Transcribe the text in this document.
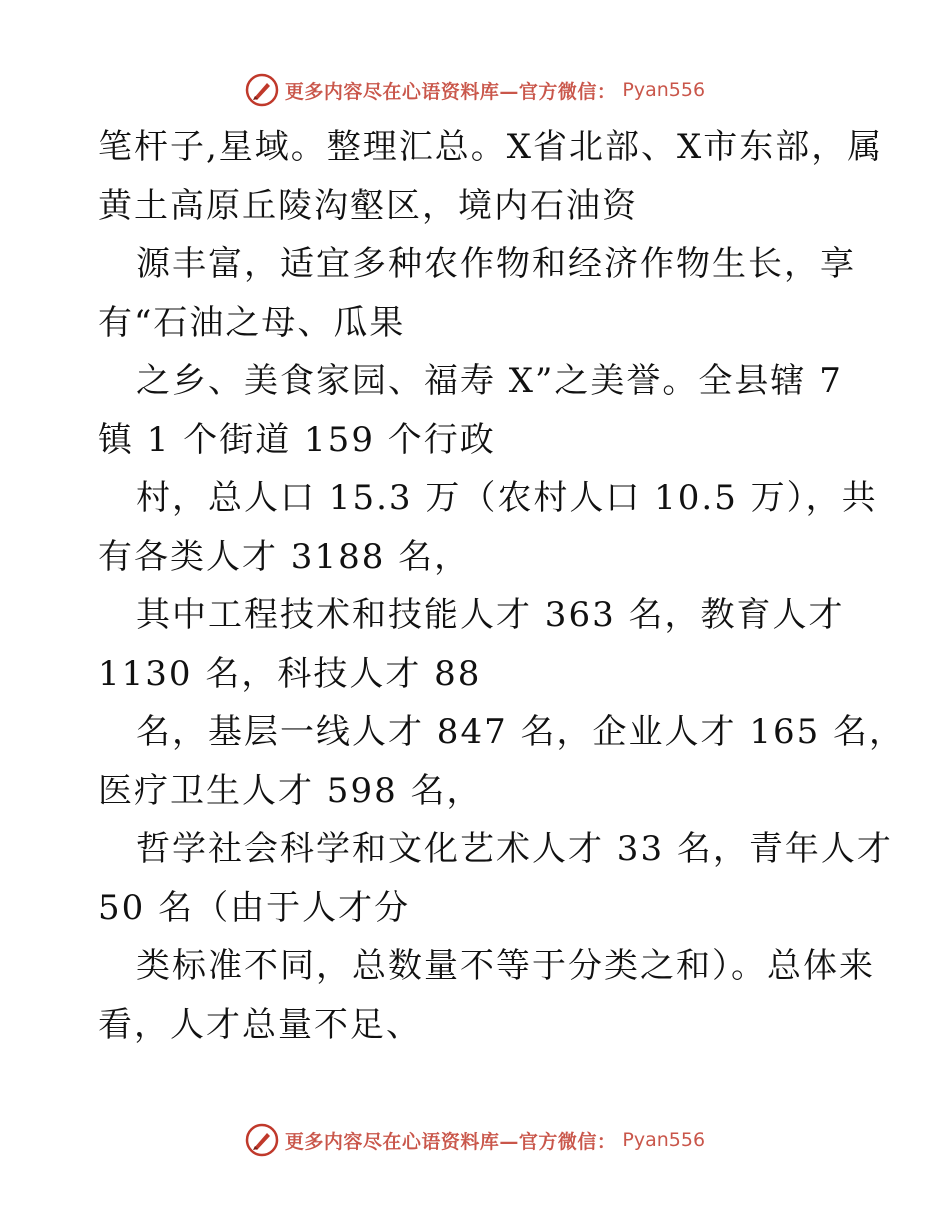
更多内容尽在心语资料库—官方微信： Pyan556
笔杆子,星域。整理汇总。X省北部、X市东部，属
黄土高原丘陵沟壑区，境内石油资
源丰富，适宜多种农作物和经济作物生长，享
有“石油之母、瓜果
之乡、美食家园、福寿 X”之美誉。全县辖 7
镇 1 个街道 159 个行政
村，总人口 15.3 万（农村人口 10.5 万），共
有各类人才 3188 名，
其中工程技术和技能人才 363 名，教育人才
1130 名，科技人才 88
名，基层一线人才 847 名，企业人才 165 名，
医疗卫生人才 598 名，
哲学社会科学和文化艺术人才 33 名，青年人才
50 名（由于人才分
类标准不同，总数量不等于分类之和）。总体来
看，人才总量不足、
更多内容尽在心语资料库—官方微信： Pyan556
